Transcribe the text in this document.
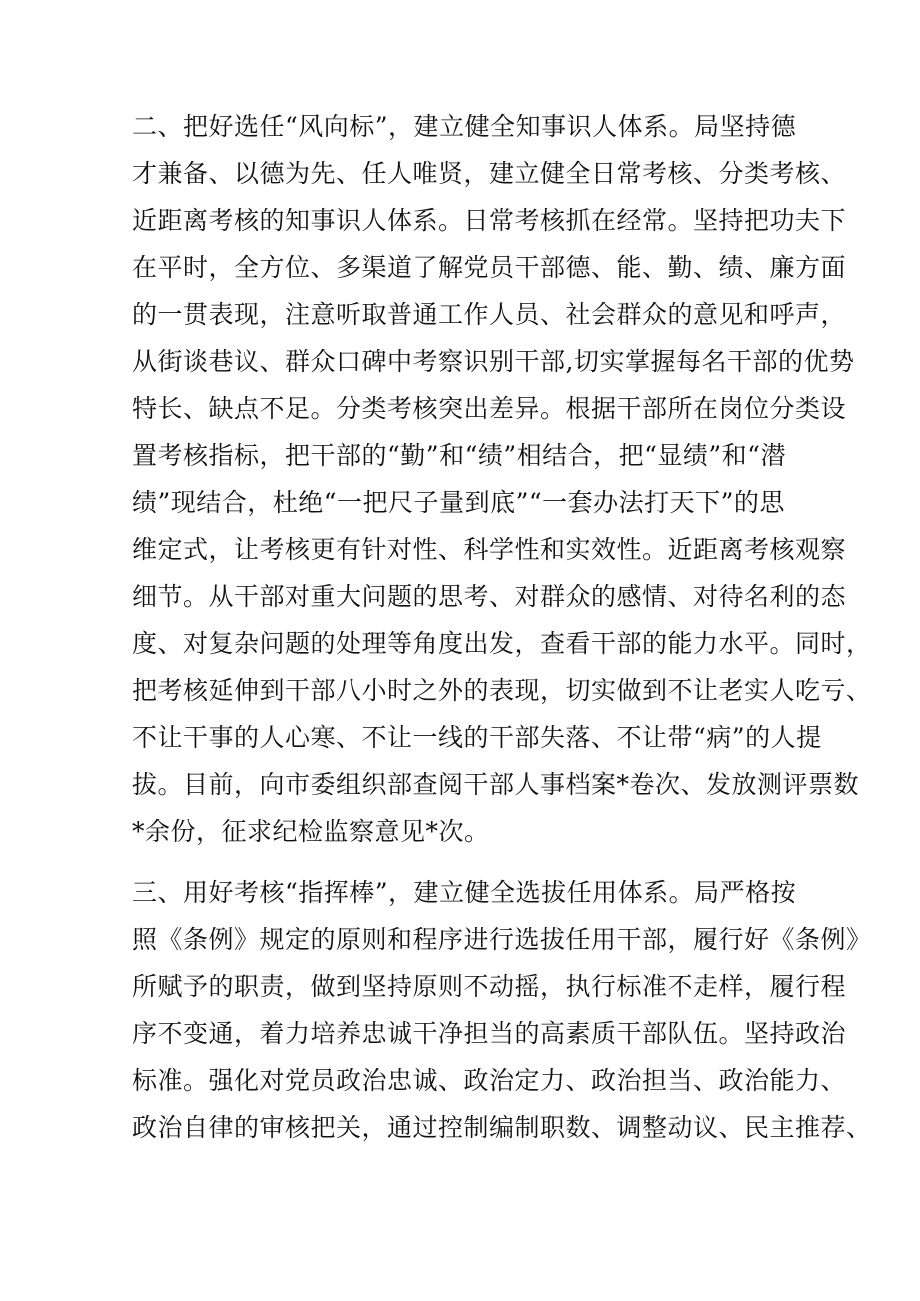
二、把好选任“风向标”，建立健全知事识人体系。局坚持德
才兼备、以德为先、任人唯贤，建立健全日常考核、分类考核、
近距离考核的知事识人体系。日常考核抓在经常。坚持把功夫下
在平时，全方位、多渠道了解党员干部德、能、勤、绩、廉方面
的一贯表现，注意听取普通工作人员、社会群众的意见和呼声，
从街谈巷议、群众口碑中考察识别干部,切实掌握每名干部的优势
特长、缺点不足。分类考核突出差异。根据干部所在岗位分类设
置考核指标，把干部的“勤”和“绩”相结合，把“显绩”和“潜
绩”现结合，杜绝“一把尺子量到底”“一套办法打天下”的思
维定式，让考核更有针对性、科学性和实效性。近距离考核观察
细节。从干部对重大问题的思考、对群众的感情、对待名利的态
度、对复杂问题的处理等角度出发，查看干部的能力水平。同时，
把考核延伸到干部八小时之外的表现，切实做到不让老实人吃亏、
不让干事的人心寒、不让一线的干部失落、不让带“病”的人提
拔。目前，向市委组织部查阅干部人事档案*卷次、发放测评票数
*余份，征求纪检监察意见*次。
三、用好考核“指挥棒”，建立健全选拔任用体系。局严格按
照《条例》规定的原则和程序进行选拔任用干部，履行好《条例》
所赋予的职责，做到坚持原则不动摇，执行标准不走样，履行程
序不变通，着力培养忠诚干净担当的高素质干部队伍。坚持政治
标准。强化对党员政治忠诚、政治定力、政治担当、政治能力、
政治自律的审核把关，通过控制编制职数、调整动议、民主推荐、
